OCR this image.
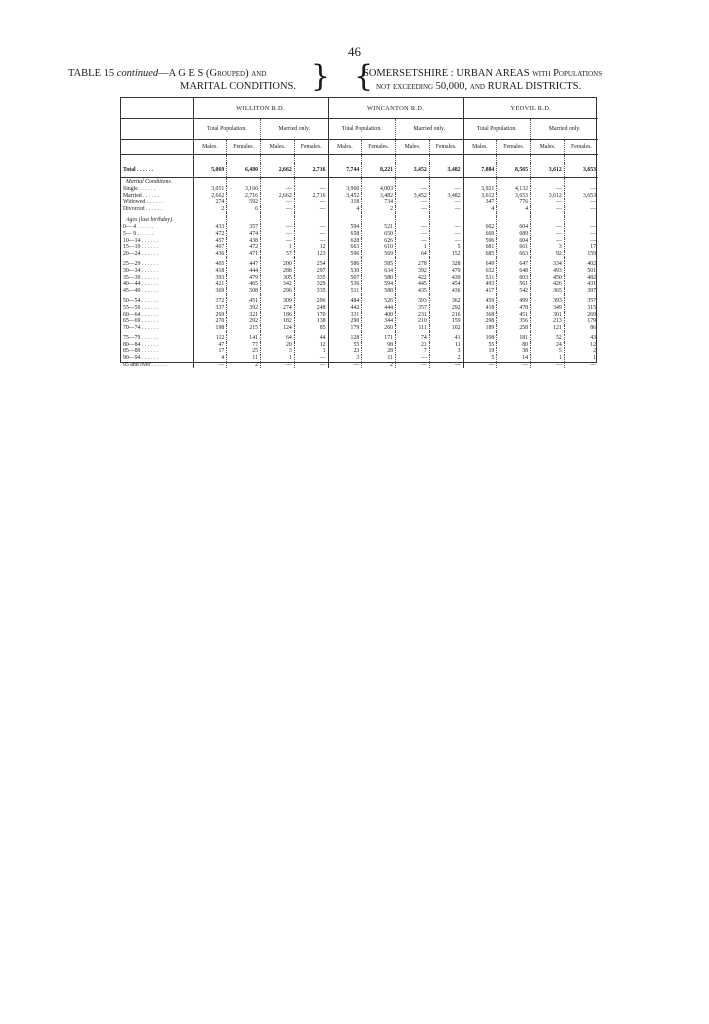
46
TABLE 15 continued—A G E S (Grouped) and
MARITAL CONDITIONS. } {
SOMERSETSHIRE : URBAN AREAS with Populations
not exceeding 50,000, and RURAL DISTRICTS.
	WILLITON R.D.				WINCANTON R.D.				YEOVIL R.D.			
	Total Population.		Married only.		Total Population.		Married only.		Total Population.		Married only.	
	Males.	Females.	Males.	Females.	Males.	Females.	Males.	Females.	Males.	Females.	Males.	Females.

Total . . . . . .	5,069	6,480	2,662	2,716	7,744	8,221	3,452	3,482	7,884	8,565	3,612	3,653
Marital Conditions.												
Single . . . . . .	3,051	3,166	—	—	3,960	4,003	—	—	3,921	4,132	—	—
Married . . . . . .	2,662	2,716	2,662	2,716	3,452	3,482	3,452	3,482	3,612	3,653	3,612	3,653
Widowed . . . . . .	274	592	—	—	318	734	—	—	347	776	—	—
Divorced . . . . . .	2	6	—	—	4	2	—	—	4	4	—	—

Ages (last birthday).												
0— 4 . . . . . .	433	357	—	—	594	521	—	—	602	604	—	—
5— 9 . . . . . .	472	474	—	—	658	650	—	—	669	689	—	—
10—14 . . . . . .	457	438	—	—	628	626	—	—	596	604	—	—
15—19 . . . . . .	467	472	1	12	663	610	1	5	681	661	3	17
20—24 . . . . . .	436	471	57	123	596	569	64	152	685	663	92	159

25—29 . . . . . .	465	447	200	254	586	585	278	328	649	647	334	402
30—34 . . . . . .	418	444	288	297	530	634	392	479	632	648	493	501
35—39 . . . . . .	393	479	305	335	507	580	422	439	531	603	450	482
40—44 . . . . . .	421	465	342	329	536	594	445	454	493	561	426	431
45—49 . . . . . .	369	508	296	335	511	588	435	436	417	542	365	397

50—54 . . . . . .	372	451	309	296	484	526	393	362	459	499	393	357
55—59 . . . . . .	337	392	274	248	442	444	357	292	418	478	349	315
60—64 . . . . . .	269	321	186	170	331	400	231	216	368	451	301	269
65—69 . . . . . .	270	292	182	138	290	344	210	159	298	356	213	179
70—74 . . . . . .	198	215	124	85	179	260	111	102	189	258	121	86

75—79 . . . . . .	112	141	64	44	128	171	74	41	108	181	52	43
80—84 . . . . . .	47	77	20	12	55	98	21	11	55	80	24	12
85—89 . . . . . .	17	25	3	1	23	28	7	3	19	38	5	2
90—94 . . . . . .	4	11	1	—	3	11	—	2	5	14	1	1
95 and over . . . . . .	—	2	—	—	—	2	—	—	—	—	—	—
